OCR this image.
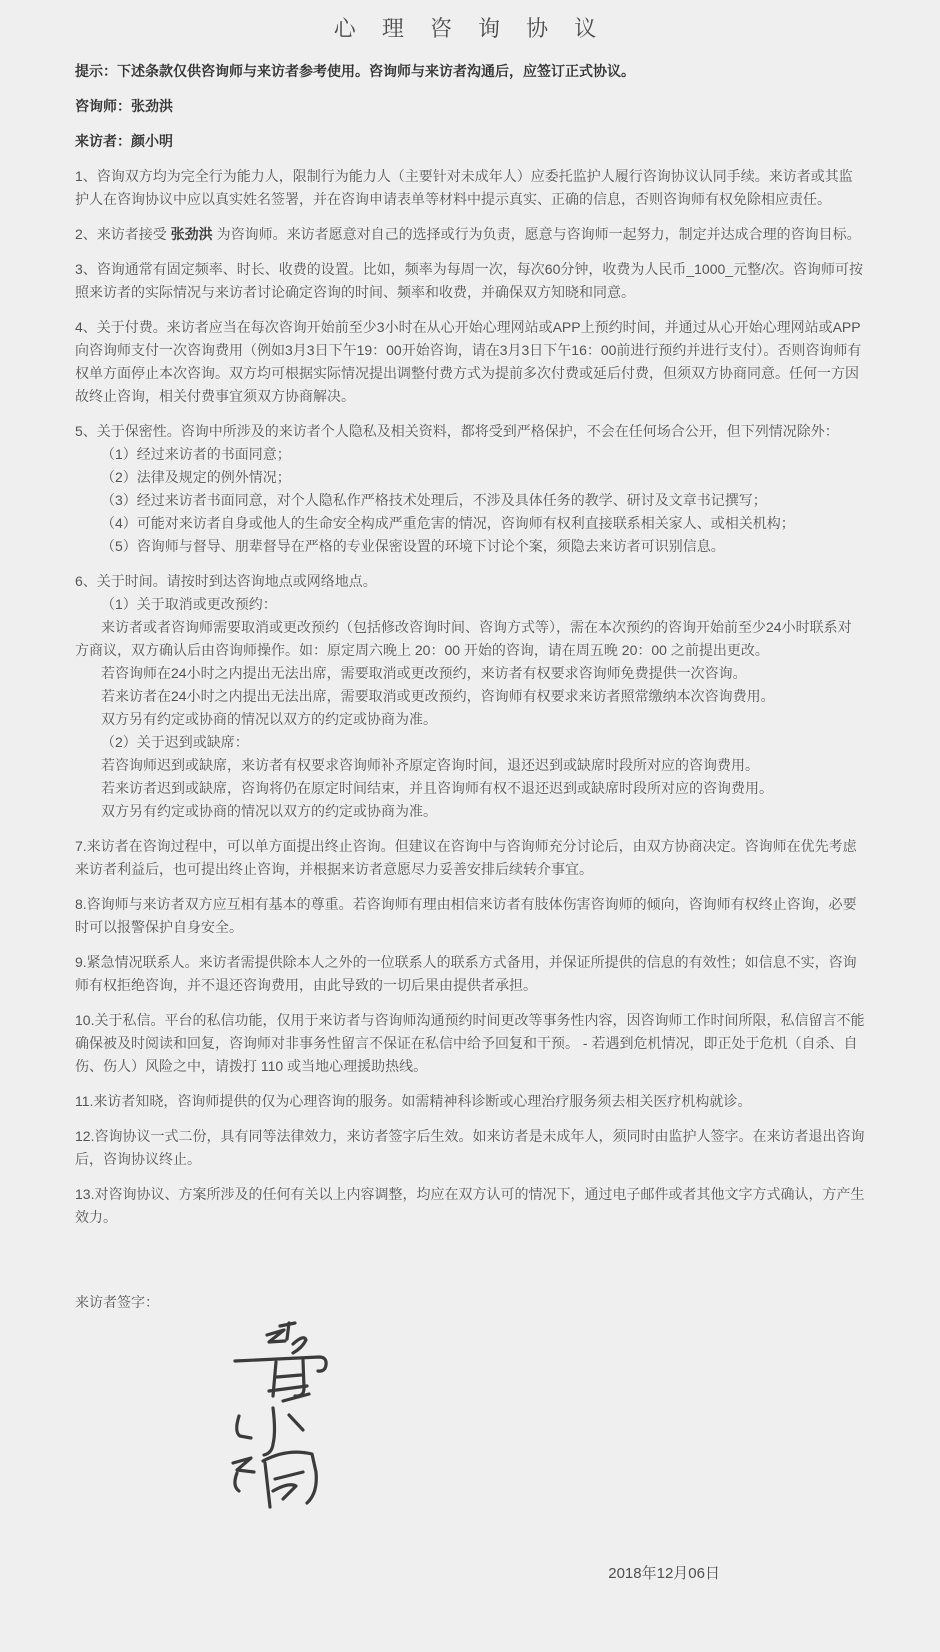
心 理 咨 询 协 议

提示：下述条款仅供咨询师与来访者参考使用。咨询师与来访者沟通后，应签订正式协议。

咨询师：张劲洪

来访者：颜小明

1、咨询双方均为完全行为能力人，限制行为能力人（主要针对未成年人）应委托监护人履行咨询协议认同手续。来访者或其监护人在咨询协议中应以真实姓名签署，并在咨询申请表单等材料中提示真实、正确的信息，否则咨询师有权免除相应责任。

2、来访者接受 张劲洪 为咨询师。来访者愿意对自己的选择或行为负责，愿意与咨询师一起努力，制定并达成合理的咨询目标。

3、咨询通常有固定频率、时长、收费的设置。比如，频率为每周一次，每次60分钟，收费为人民币_1000_元整/次。咨询师可按照来访者的实际情况与来访者讨论确定咨询的时间、频率和收费，并确保双方知晓和同意。

4、关于付费。来访者应当在每次咨询开始前至少3小时在从心开始心理网站或APP上预约时间，并通过从心开始心理网站或APP向咨询师支付一次咨询费用（例如3月3日下午19：00开始咨询，请在3月3日下午16：00前进行预约并进行支付）。否则咨询师有权单方面停止本次咨询。双方均可根据实际情况提出调整付费方式为提前多次付费或延后付费，但须双方协商同意。任何一方因故终止咨询，相关付费事宜须双方协商解决。

5、关于保密性。咨询中所涉及的来访者个人隐私及相关资料，都将受到严格保护，不会在任何场合公开，但下列情况除外：
（1）经过来访者的书面同意；
（2）法律及规定的例外情况；
（3）经过来访者书面同意，对个人隐私作严格技术处理后，不涉及具体任务的教学、研讨及文章书记撰写；
（4）可能对来访者自身或他人的生命安全构成严重危害的情况，咨询师有权利直接联系相关家人、或相关机构；
（5）咨询师与督导、朋辈督导在严格的专业保密设置的环境下讨论个案，须隐去来访者可识别信息。

6、关于时间。请按时到达咨询地点或网络地点。
（1）关于取消或更改预约：
来访者或者咨询师需要取消或更改预约（包括修改咨询时间、咨询方式等），需在本次预约的咨询开始前至少24小时联系对方商议，双方确认后由咨询师操作。如：原定周六晚上 20：00 开始的咨询，请在周五晚 20：00 之前提出更改。
若咨询师在24小时之内提出无法出席，需要取消或更改预约，来访者有权要求咨询师免费提供一次咨询。
若来访者在24小时之内提出无法出席，需要取消或更改预约，咨询师有权要求来访者照常缴纳本次咨询费用。
双方另有约定或协商的情况以双方的约定或协商为准。
（2）关于迟到或缺席：
若咨询师迟到或缺席，来访者有权要求咨询师补齐原定咨询时间，退还迟到或缺席时段所对应的咨询费用。
若来访者迟到或缺席，咨询将仍在原定时间结束，并且咨询师有权不退还迟到或缺席时段所对应的咨询费用。
双方另有约定或协商的情况以双方的约定或协商为准。

7.来访者在咨询过程中，可以单方面提出终止咨询。但建议在咨询中与咨询师充分讨论后，由双方协商决定。咨询师在优先考虑来访者利益后，也可提出终止咨询，并根据来访者意愿尽力妥善安排后续转介事宜。

8.咨询师与来访者双方应互相有基本的尊重。若咨询师有理由相信来访者有肢体伤害咨询师的倾向，咨询师有权终止咨询，必要时可以报警保护自身安全。

9.紧急情况联系人。来访者需提供除本人之外的一位联系人的联系方式备用，并保证所提供的信息的有效性；如信息不实，咨询师有权拒绝咨询，并不退还咨询费用，由此导致的一切后果由提供者承担。

10.关于私信。平台的私信功能，仅用于来访者与咨询师沟通预约时间更改等事务性内容，因咨询师工作时间所限，私信留言不能确保被及时阅读和回复，咨询师对非事务性留言不保证在私信中给予回复和干预。 - 若遇到危机情况，即正处于危机（自杀、自伤、伤人）风险之中，请拨打 110 或当地心理援助热线。

11.来访者知晓，咨询师提供的仅为心理咨询的服务。如需精神科诊断或心理治疗服务须去相关医疗机构就诊。

12.咨询协议一式二份，具有同等法律效力，来访者签字后生效。如来访者是未成年人，须同时由监护人签字。在来访者退出咨询后，咨询协议终止。

13.对咨询协议、方案所涉及的任何有关以上内容调整，均应在双方认可的情况下，通过电子邮件或者其他文字方式确认，方产生效力。

来访者签字：

2018年12月06日
